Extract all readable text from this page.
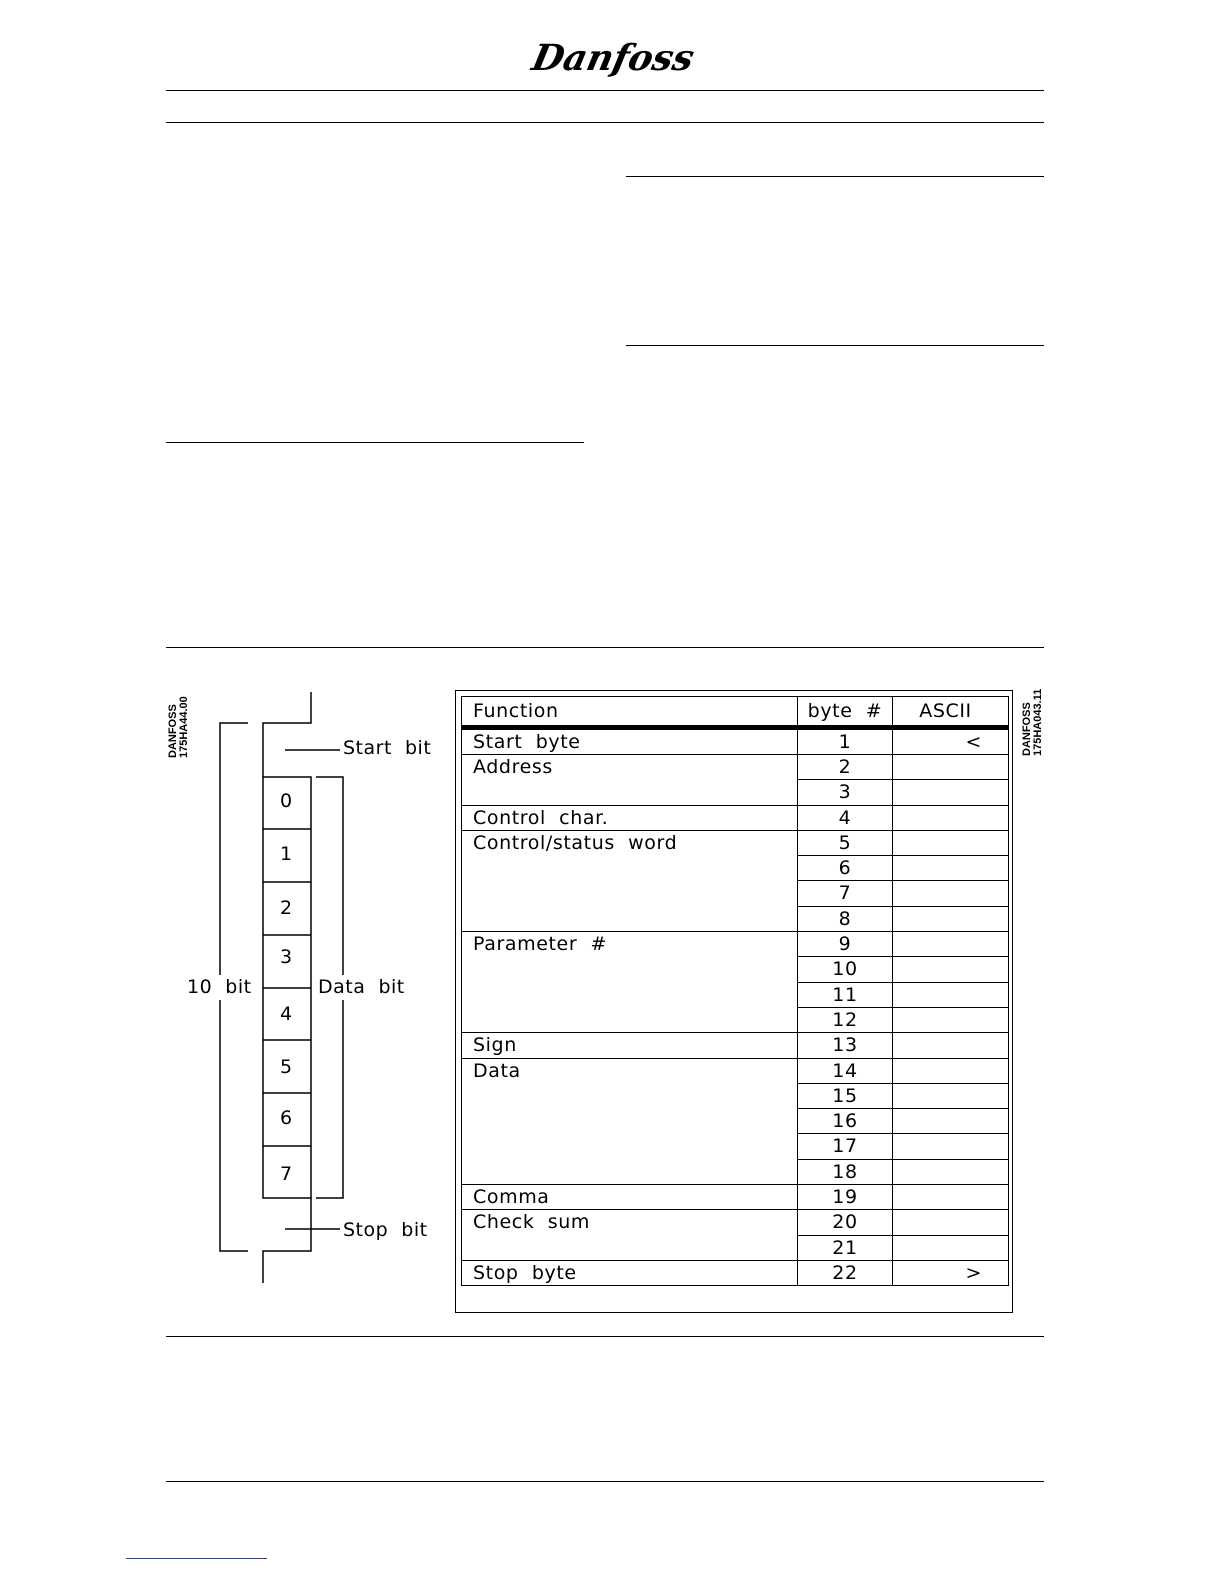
Danfoss
DANFOSS 175HA44.00	Start  bit
Stop  bit
Data  bit
10  bit
0
1
2
3
4
5
6
7
Function	byte  #	ASCII
Start  byte	1	<
Address	2	
	3	
Control  char.	4	
Control/status  word	5	
	6	
	7	
	8	
Parameter  #	9	
	10	
	11	
	12	
Sign	13	
Data	14	
	15	
	16	
	17	
	18	
Comma	19	
Check  sum	20	
	21	
Stop  byte	22	>
DANFOSS 175HA043.11
